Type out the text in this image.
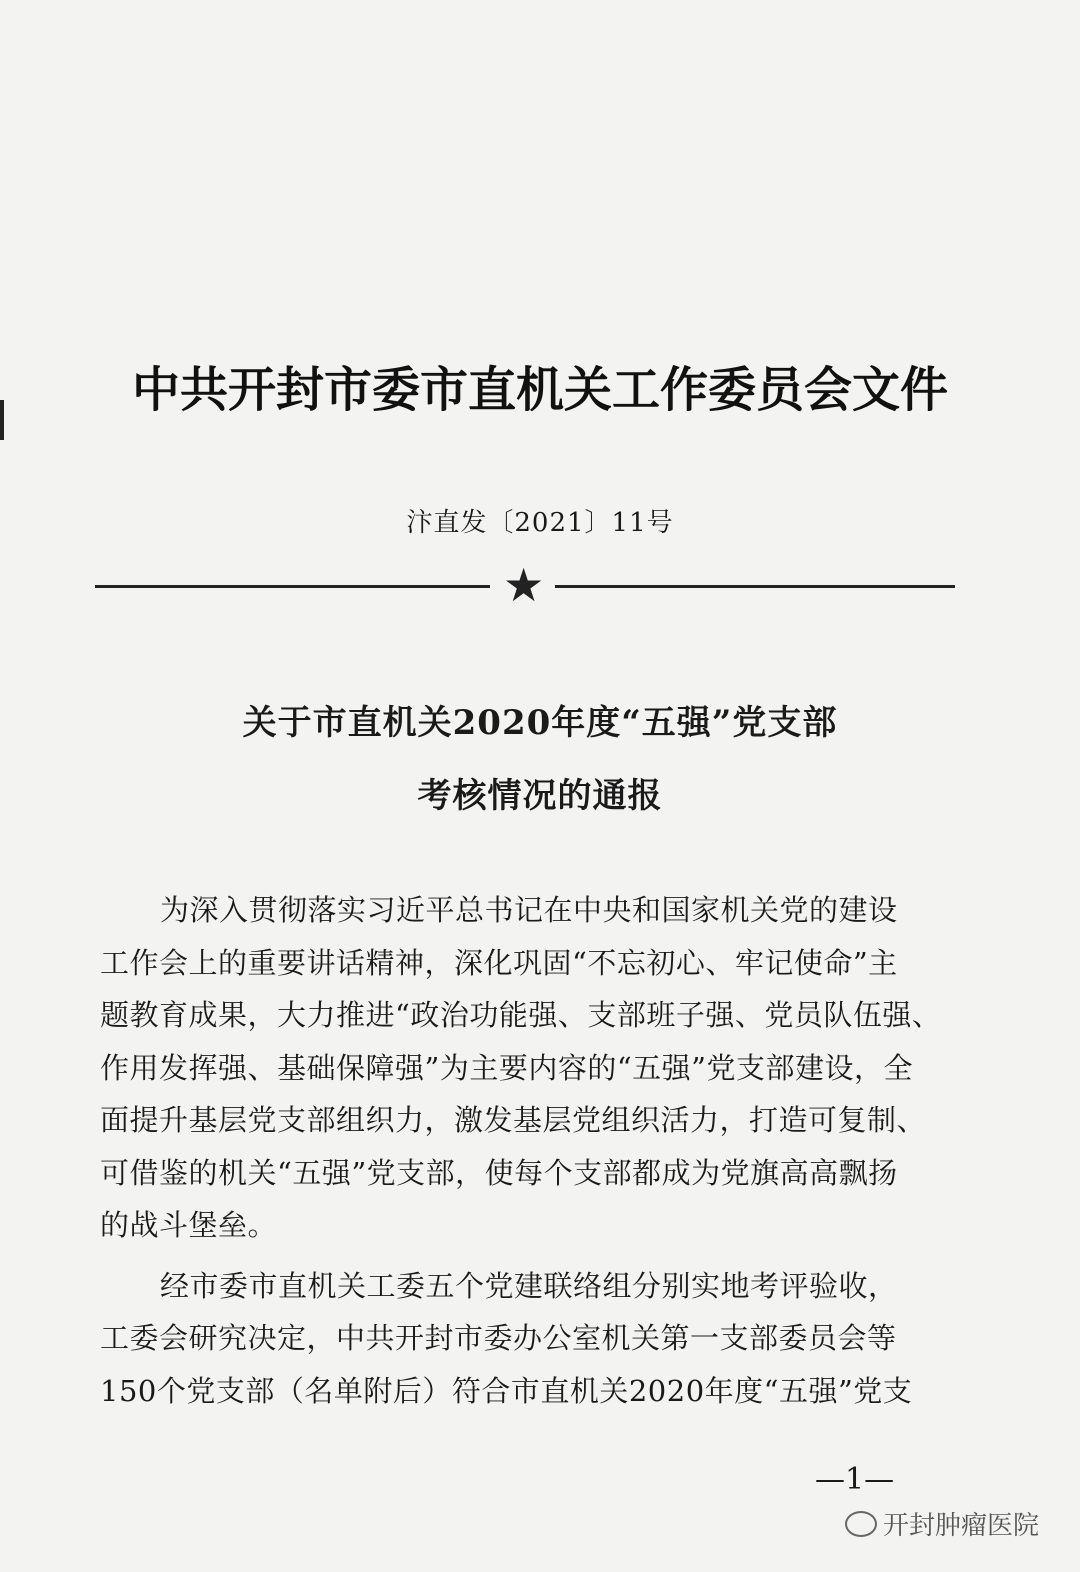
中共开封市委市直机关工作委员会文件
汴直发〔2021〕11号
★
关于市直机关2020年度“五强”党支部
考核情况的通报
为深入贯彻落实习近平总书记在中央和国家机关党的建设
工作会上的重要讲话精神，深化巩固“不忘初心、牢记使命”主
题教育成果，大力推进“政治功能强、支部班子强、党员队伍强、
作用发挥强、基础保障强”为主要内容的“五强”党支部建设，全
面提升基层党支部组织力，激发基层党组织活力，打造可复制、
可借鉴的机关“五强”党支部，使每个支部都成为党旗高高飘扬
的战斗堡垒。
经市委市直机关工委五个党建联络组分别实地考评验收，
工委会研究决定，中共开封市委办公室机关第一支部委员会等
150个党支部（名单附后）符合市直机关2020年度“五强”党支
—1—
开封肿瘤医院
